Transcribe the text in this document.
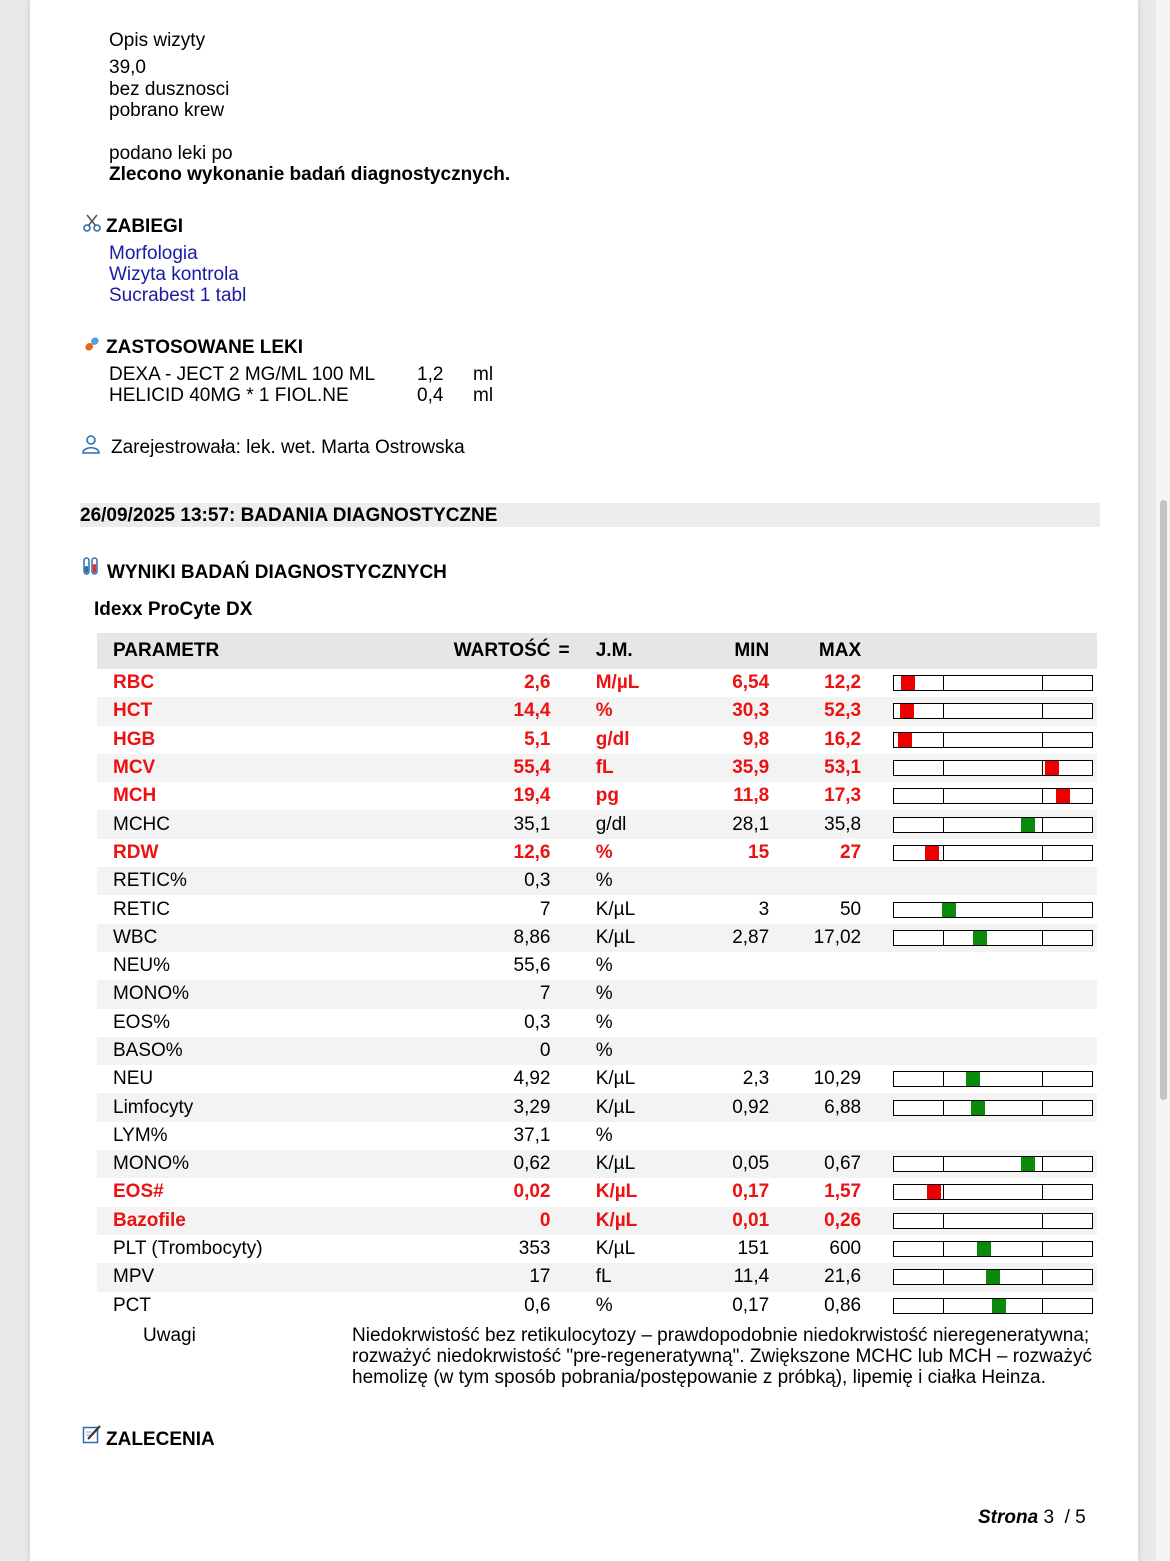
Opis wizyty
39,0
bez dusznosci
pobrano krew
podano leki po
Zlecono wykonanie badań diagnostycznych.
ZABIEGI
Morfologia
Wizyta kontrola
Sucrabest 1 tabl
ZASTOSOWANE LEKI
DEXA - JECT 2 MG/ML 100 ML 1,2 ml
HELICID 40MG * 1 FIOL.NE	0,4 ml
Zarejestrowała: lek. wet. Marta Ostrowska
26/09/2025 13:57: BADANIA DIAGNOSTYCZNE
WYNIKI BADAŃ DIAGNOSTYCZNYCH
Idexx ProCyte DX
PARAMETR	WARTOŚĆ	=	J.M.	MIN	MAX	
RBC	2,6		M/µL	6,54	12,2	

HCT	14,4		%	30,3	52,3	

HGB	5,1		g/dl	9,8	16,2	

MCV	55,4		fL	35,9	53,1	

MCH	19,4		pg	11,8	17,3	

MCHC	35,1		g/dl	28,1	35,8	

RDW	12,6		%	15	27	

RETIC%	0,3		%			
RETIC	7		K/µL	3	50	

WBC	8,86		K/µL	2,87	17,02	

NEU%	55,6		%			
MONO%	7		%			
EOS%	0,3		%			
BASO%	0		%			
NEU	4,92		K/µL	2,3	10,29	

Limfocyty	3,29		K/µL	0,92	6,88	

LYM%	37,1		%			
MONO%	0,62		K/µL	0,05	0,67	

EOS#	0,02		K/µL	0,17	1,57	

Bazofile	0		K/µL	0,01	0,26	

PLT (Trombocyty)	353		K/µL	151	600	

MPV	17		fL	11,4	21,6	

PCT	0,6		%	0,17	0,86	
Uwagi	Niedokrwistość bez retikulocytozy – prawdopodobnie niedokrwistość nieregeneratywna; rozważyć niedokrwistość "pre-regeneratywną". Zwiększone MCHC lub MCH – rozważyć hemolizę (w tym sposób pobrania/postępowanie z próbką), lipemię i ciałka Heinza.
ZALECENIA
Strona 3 / 5
